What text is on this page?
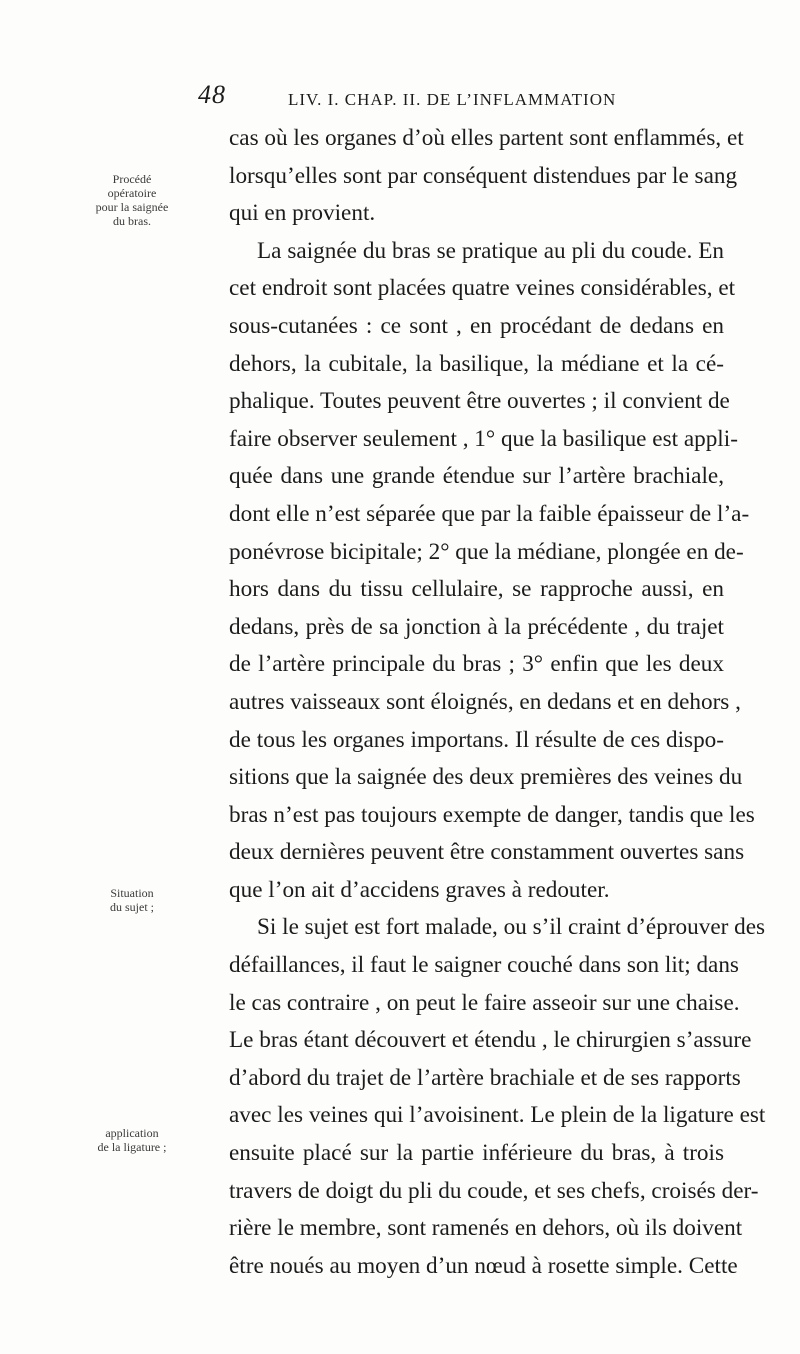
48	LIV. I. CHAP. II. DE L’INFLAMMATION
Procédé
opératoire
pour la saignée
du bras.
Situation
du sujet ;
application
de la ligature ;
cas où les organes d’où elles partent sont enflammés, et
lorsqu’elles sont par conséquent distendues par le sang
qui en provient.
La saignée du bras se pratique au pli du coude. En
cet endroit sont placées quatre veines considérables, et
sous-cutanées : ce sont , en procédant de dedans en
dehors, la cubitale, la basilique, la médiane et la cé-
phalique. Toutes peuvent être ouvertes ; il convient de
faire observer seulement , 1° que la basilique est appli-
quée dans une grande étendue sur l’artère brachiale,
dont elle n’est séparée que par la faible épaisseur de l’a-
ponévrose bicipitale; 2° que la médiane, plongée en de-
hors dans du tissu cellulaire, se rapproche aussi, en
dedans, près de sa jonction à la précédente , du trajet
de l’artère principale du bras ; 3° enfin que les deux
autres vaisseaux sont éloignés, en dedans et en dehors ,
de tous les organes importans. Il résulte de ces dispo-
sitions que la saignée des deux premières des veines du
bras n’est pas toujours exempte de danger, tandis que les
deux dernières peuvent être constamment ouvertes sans
que l’on ait d’accidens graves à redouter.
Si le sujet est fort malade, ou s’il craint d’éprouver des
défaillances, il faut le saigner couché dans son lit; dans
le cas contraire , on peut le faire asseoir sur une chaise.
Le bras étant découvert et étendu , le chirurgien s’assure
d’abord du trajet de l’artère brachiale et de ses rapports
avec les veines qui l’avoisinent. Le plein de la ligature est
ensuite placé sur la partie inférieure du bras, à trois
travers de doigt du pli du coude, et ses chefs, croisés der-
rière le membre, sont ramenés en dehors, où ils doivent
être noués au moyen d’un nœud à rosette simple. Cette
